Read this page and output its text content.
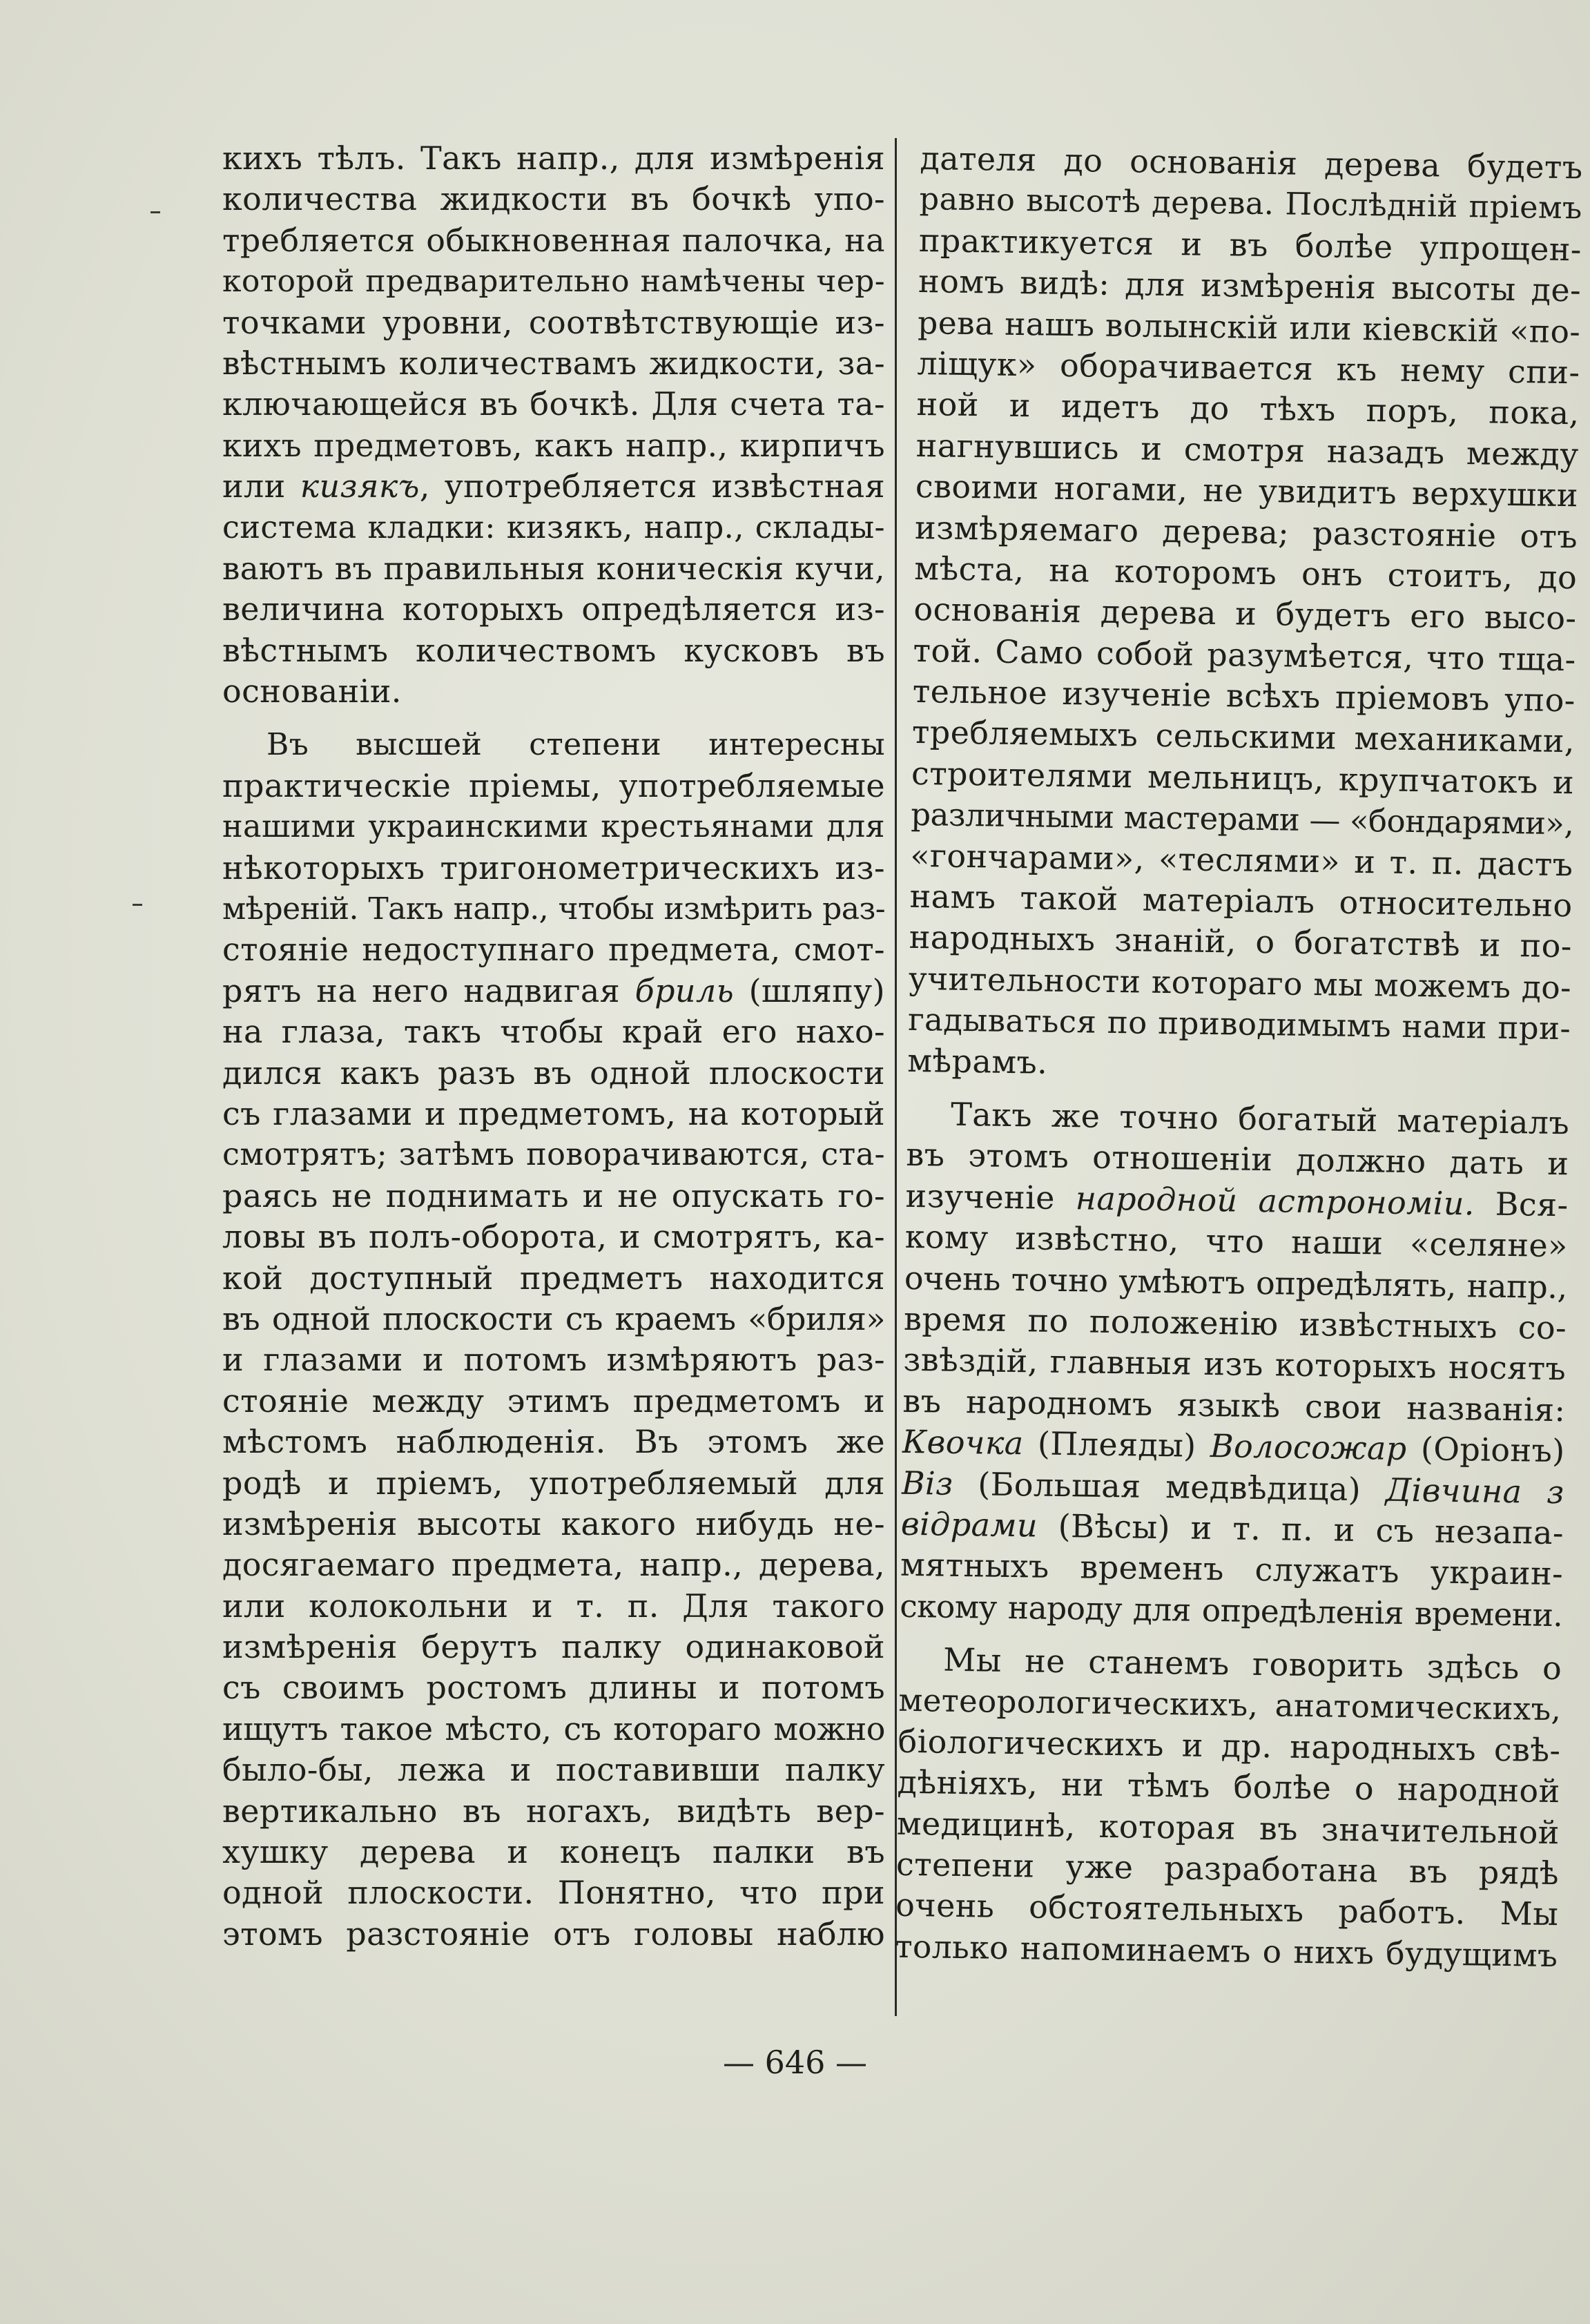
кихъ тѣлъ. Такъ напр., для измѣренія
количества жидкости въ бочкѣ упо-
требляется обыкновенная палочка, на
которой предварительно намѣчены чер-
точками уровни, соотвѣтствующіе из-
вѣстнымъ количествамъ жидкости, за-
ключающейся въ бочкѣ. Для счета та-
кихъ предметовъ, какъ напр., кирпичъ
или кизякъ, употребляется извѣстная
система кладки: кизякъ, напр., склады-
ваютъ въ правильныя коническія кучи,
величина которыхъ опредѣляется из-
вѣстнымъ количествомъ кусковъ въ
основаніи.
Въ высшей степени интересны
практическіе пріемы, употребляемые
нашими украинскими крестьянами для
нѣкоторыхъ тригонометрическихъ из-
мѣреній. Такъ напр., чтобы измѣрить раз-
стояніе недоступнаго предмета, смот-
рятъ на него надвигая бриль (шляпу)
на глаза, такъ чтобы край его нахо-
дился какъ разъ въ одной плоскости
съ глазами и предметомъ, на который
смотрятъ; затѣмъ поворачиваются, ста-
раясь не поднимать и не опускать го-
ловы въ полъ-оборота, и смотрятъ, ка-
кой доступный предметъ находится
въ одной плоскости съ краемъ «бриля»
и глазами и потомъ измѣряютъ раз-
стояніе между этимъ предметомъ и
мѣстомъ наблюденія. Въ этомъ же
родѣ и пріемъ, употребляемый для
измѣренія высоты какого нибудь не-
досягаемаго предмета, напр., дерева,
или колокольни и т. п. Для такого
измѣренія берутъ палку одинаковой
съ своимъ ростомъ длины и потомъ
ищутъ такое мѣсто, съ котораго можно
было-бы, лежа и поставивши палку
вертикально въ ногахъ, видѣть вер-
хушку дерева и конецъ палки въ
одной плоскости. Понятно, что при
этомъ разстояніе отъ головы наблю
дателя до основанія дерева будетъ
равно высотѣ дерева. Послѣдній пріемъ
практикуется и въ болѣе упрощен-
номъ видѣ: для измѣренія высоты де-
рева нашъ волынскій или кіевскій «по-
ліщук» оборачивается къ нему спи-
ной и идетъ до тѣхъ поръ, пока,
нагнувшись и смотря назадъ между
своими ногами, не увидитъ верхушки
измѣряемаго дерева; разстояніе отъ
мѣста, на которомъ онъ стоитъ, до
основанія дерева и будетъ его высо-
той. Само собой разумѣется, что тща-
тельное изученіе всѣхъ пріемовъ упо-
требляемыхъ сельскими механиками,
строителями мельницъ, крупчатокъ и
различными мастерами — «бондарями»,
«гончарами», «теслями» и т. п. дастъ
намъ такой матеріалъ относительно
народныхъ знаній, о богатствѣ и по-
учительности котораго мы можемъ до-
гадываться по приводимымъ нами при-
мѣрамъ.
Такъ же точно богатый матеріалъ
въ этомъ отношеніи должно дать и
изученіе народной астрономіи. Вся-
кому извѣстно, что наши «селяне»
очень точно умѣютъ опредѣлять, напр.,
время по положенію извѣстныхъ со-
звѣздій, главныя изъ которыхъ носятъ
въ народномъ языкѣ свои названія:
Квочка (Плеяды) Волосожар (Оріонъ)
Віз (Большая медвѣдица) Дівчина з
відрами (Вѣсы) и т. п. и съ незапа-
мятныхъ временъ служатъ украин-
скому народу для опредѣленія времени.
Мы не станемъ говорить здѣсь о
метеорологическихъ, анатомическихъ,
біологическихъ и др. народныхъ свѣ-
дѣніяхъ, ни тѣмъ болѣе о народной
медицинѣ, которая въ значительной
степени уже разработана въ рядѣ
очень обстоятельныхъ работъ. Мы
только напоминаемъ о нихъ будущимъ
— 646 —
